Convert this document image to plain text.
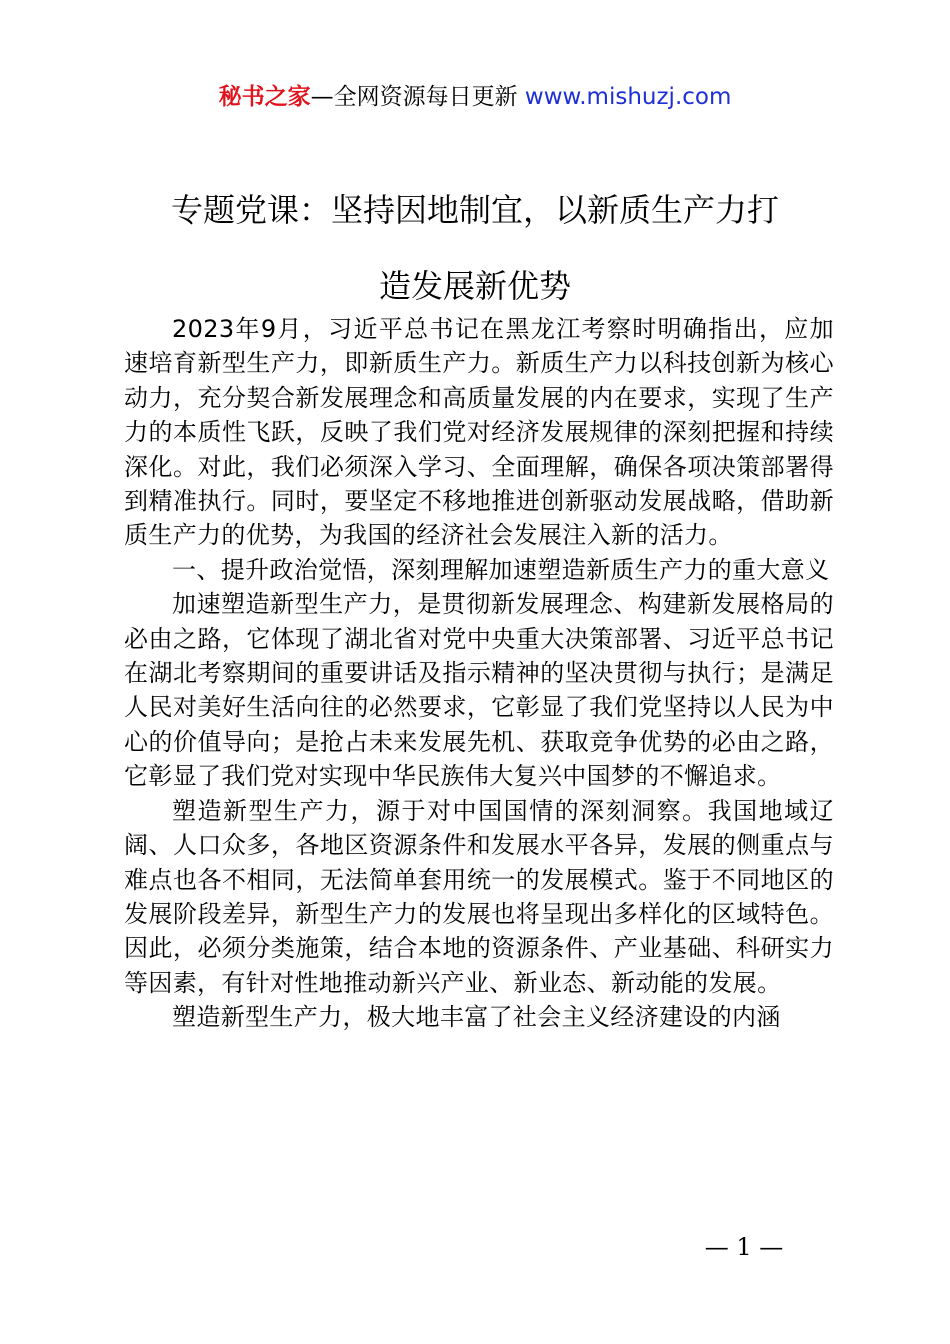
秘书之家—全网资源每日更新 www.mishuzj.com
专题党课：坚持因地制宜，以新质生产力打
造发展新优势

2023年9月，习近平总书记在黑龙江考察时明确指出，应加速培育新型生产力，即新质生产力。新质生产力以科技创新为核心动力，充分契合新发展理念和高质量发展的内在要求，实现了生产力的本质性飞跃，反映了我们党对经济发展规律的深刻把握和持续深化。对此，我们必须深入学习、全面理解，确保各项决策部署得到精准执行。同时，要坚定不移地推进创新驱动发展战略，借助新质生产力的优势，为我国的经济社会发展注入新的活力。

一、提升政治觉悟，深刻理解加速塑造新质生产力的重大意义

加速塑造新型生产力，是贯彻新发展理念、构建新发展格局的必由之路，它体现了湖北省对党中央重大决策部署、习近平总书记在湖北考察期间的重要讲话及指示精神的坚决贯彻与执行；是满足人民对美好生活向往的必然要求，它彰显了我们党坚持以人民为中心的价值导向；是抢占未来发展先机、获取竞争优势的必由之路，它彰显了我们党对实现中华民族伟大复兴中国梦的不懈追求。

塑造新型生产力，源于对中国国情的深刻洞察。我国地域辽阔、人口众多，各地区资源条件和发展水平各异，发展的侧重点与难点也各不相同，无法简单套用统一的发展模式。鉴于不同地区的发展阶段差异，新型生产力的发展也将呈现出多样化的区域特色。因此，必须分类施策，结合本地的资源条件、产业基础、科研实力等因素，有针对性地推动新兴产业、新业态、新动能的发展。

塑造新型生产力，极大地丰富了社会主义经济建设的内涵

— 1 —
